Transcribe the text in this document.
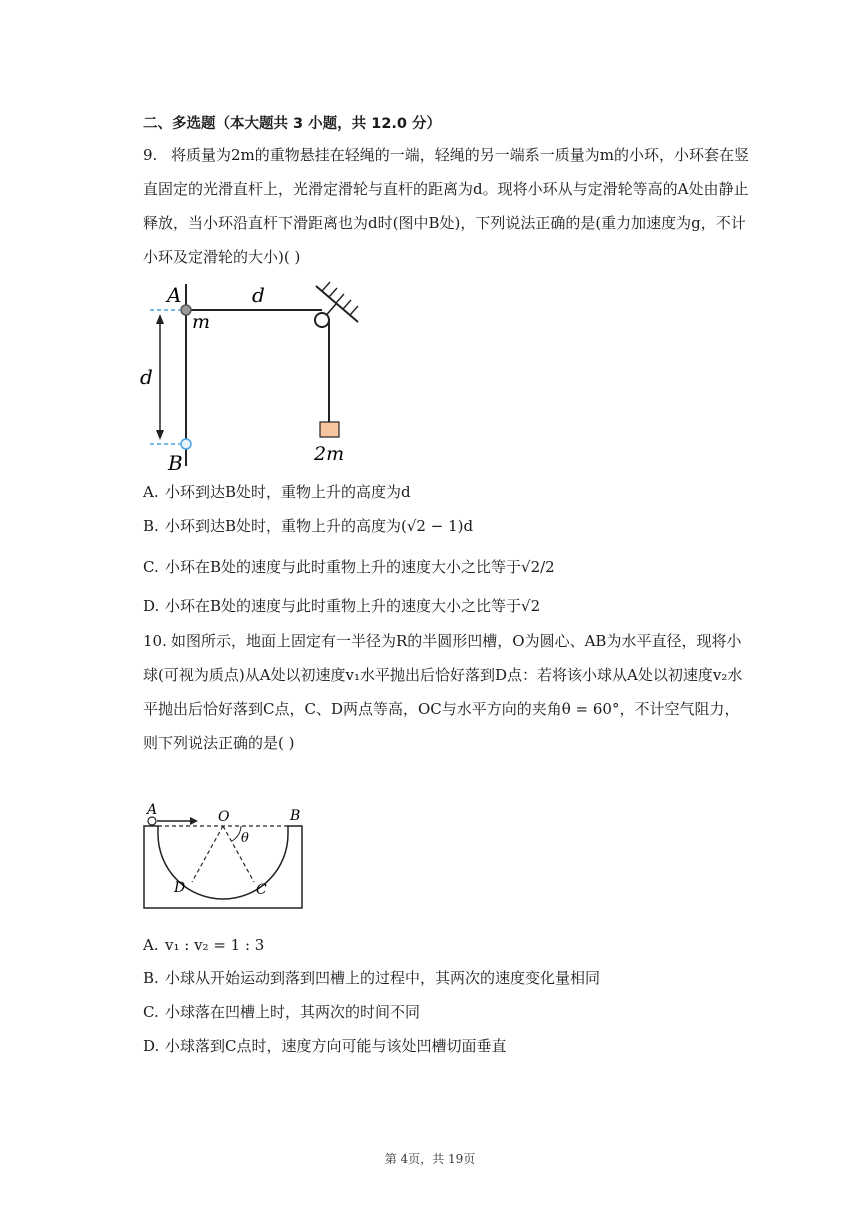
二、多选题（本大题共 3 小题，共 12.0 分）
9. 将质量为2m的重物悬挂在轻绳的一端，轻绳的另一端系一质量为m的小环，小环套在竖直固定的光滑直杆上，光滑定滑轮与直杆的距离为d。现将小环从与定滑轮等高的A处由静止释放，当小环沿直杆下滑距离也为d时(图中B处)，下列说法正确的是(重力加速度为g，不计小环及定滑轮的大小)( )
A
m
d
d
B	2m
A. 小环到达B处时，重物上升的高度为d
B. 小环到达B处时，重物上升的高度为(√2 − 1)d
C. 小环在B处的速度与此时重物上升的速度大小之比等于√2/2
D. 小环在B处的速度与此时重物上升的速度大小之比等于√2
10. 如图所示，地面上固定有一半径为R的半圆形凹槽，O为圆心、AB为水平直径，现将小球(可视为质点)从A处以初速度v₁水平抛出后恰好落到D点：若将该小球从A处以初速度v₂水平抛出后恰好落到C点，C、D两点等高，OC与水平方向的夹角θ = 60°，不计空气阻力，则下列说法正确的是( )
A	O	B
θ
D	C
A. v₁ : v₂ = 1 : 3
B. 小球从开始运动到落到凹槽上的过程中，其两次的速度变化量相同
C. 小球落在凹槽上时，其两次的时间不同
D. 小球落到C点时，速度方向可能与该处凹槽切面垂直
第 4页，共 19页
